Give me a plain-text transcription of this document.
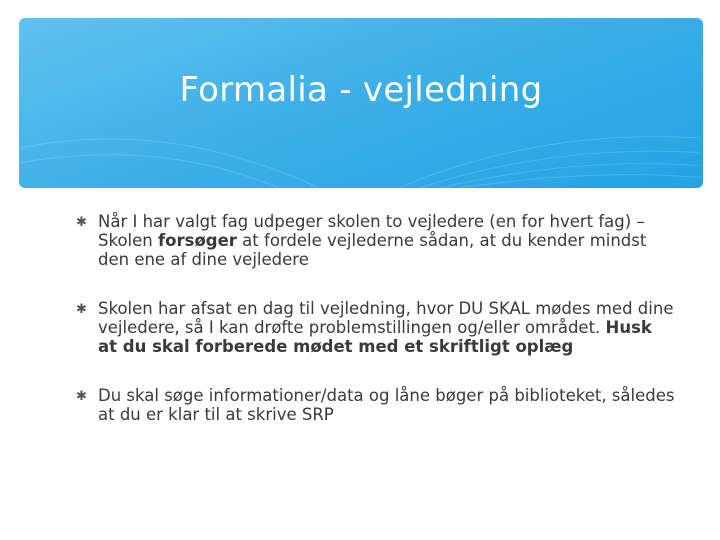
Formalia - vejledning
✱ Når I har valgt fag udpeger skolen to vejledere (en for hvert fag) – Skolen forsøger at fordele vejlederne sådan, at du kender mindst den ene af dine vejledere
✱ Skolen har afsat en dag til vejledning, hvor DU SKAL mødes med dine vejledere, så I kan drøfte problemstillingen og/eller området. Husk at du skal forberede mødet med et skriftligt oplæg
✱ Du skal søge informationer/data og låne bøger på biblioteket, således at du er klar til at skrive SRP
